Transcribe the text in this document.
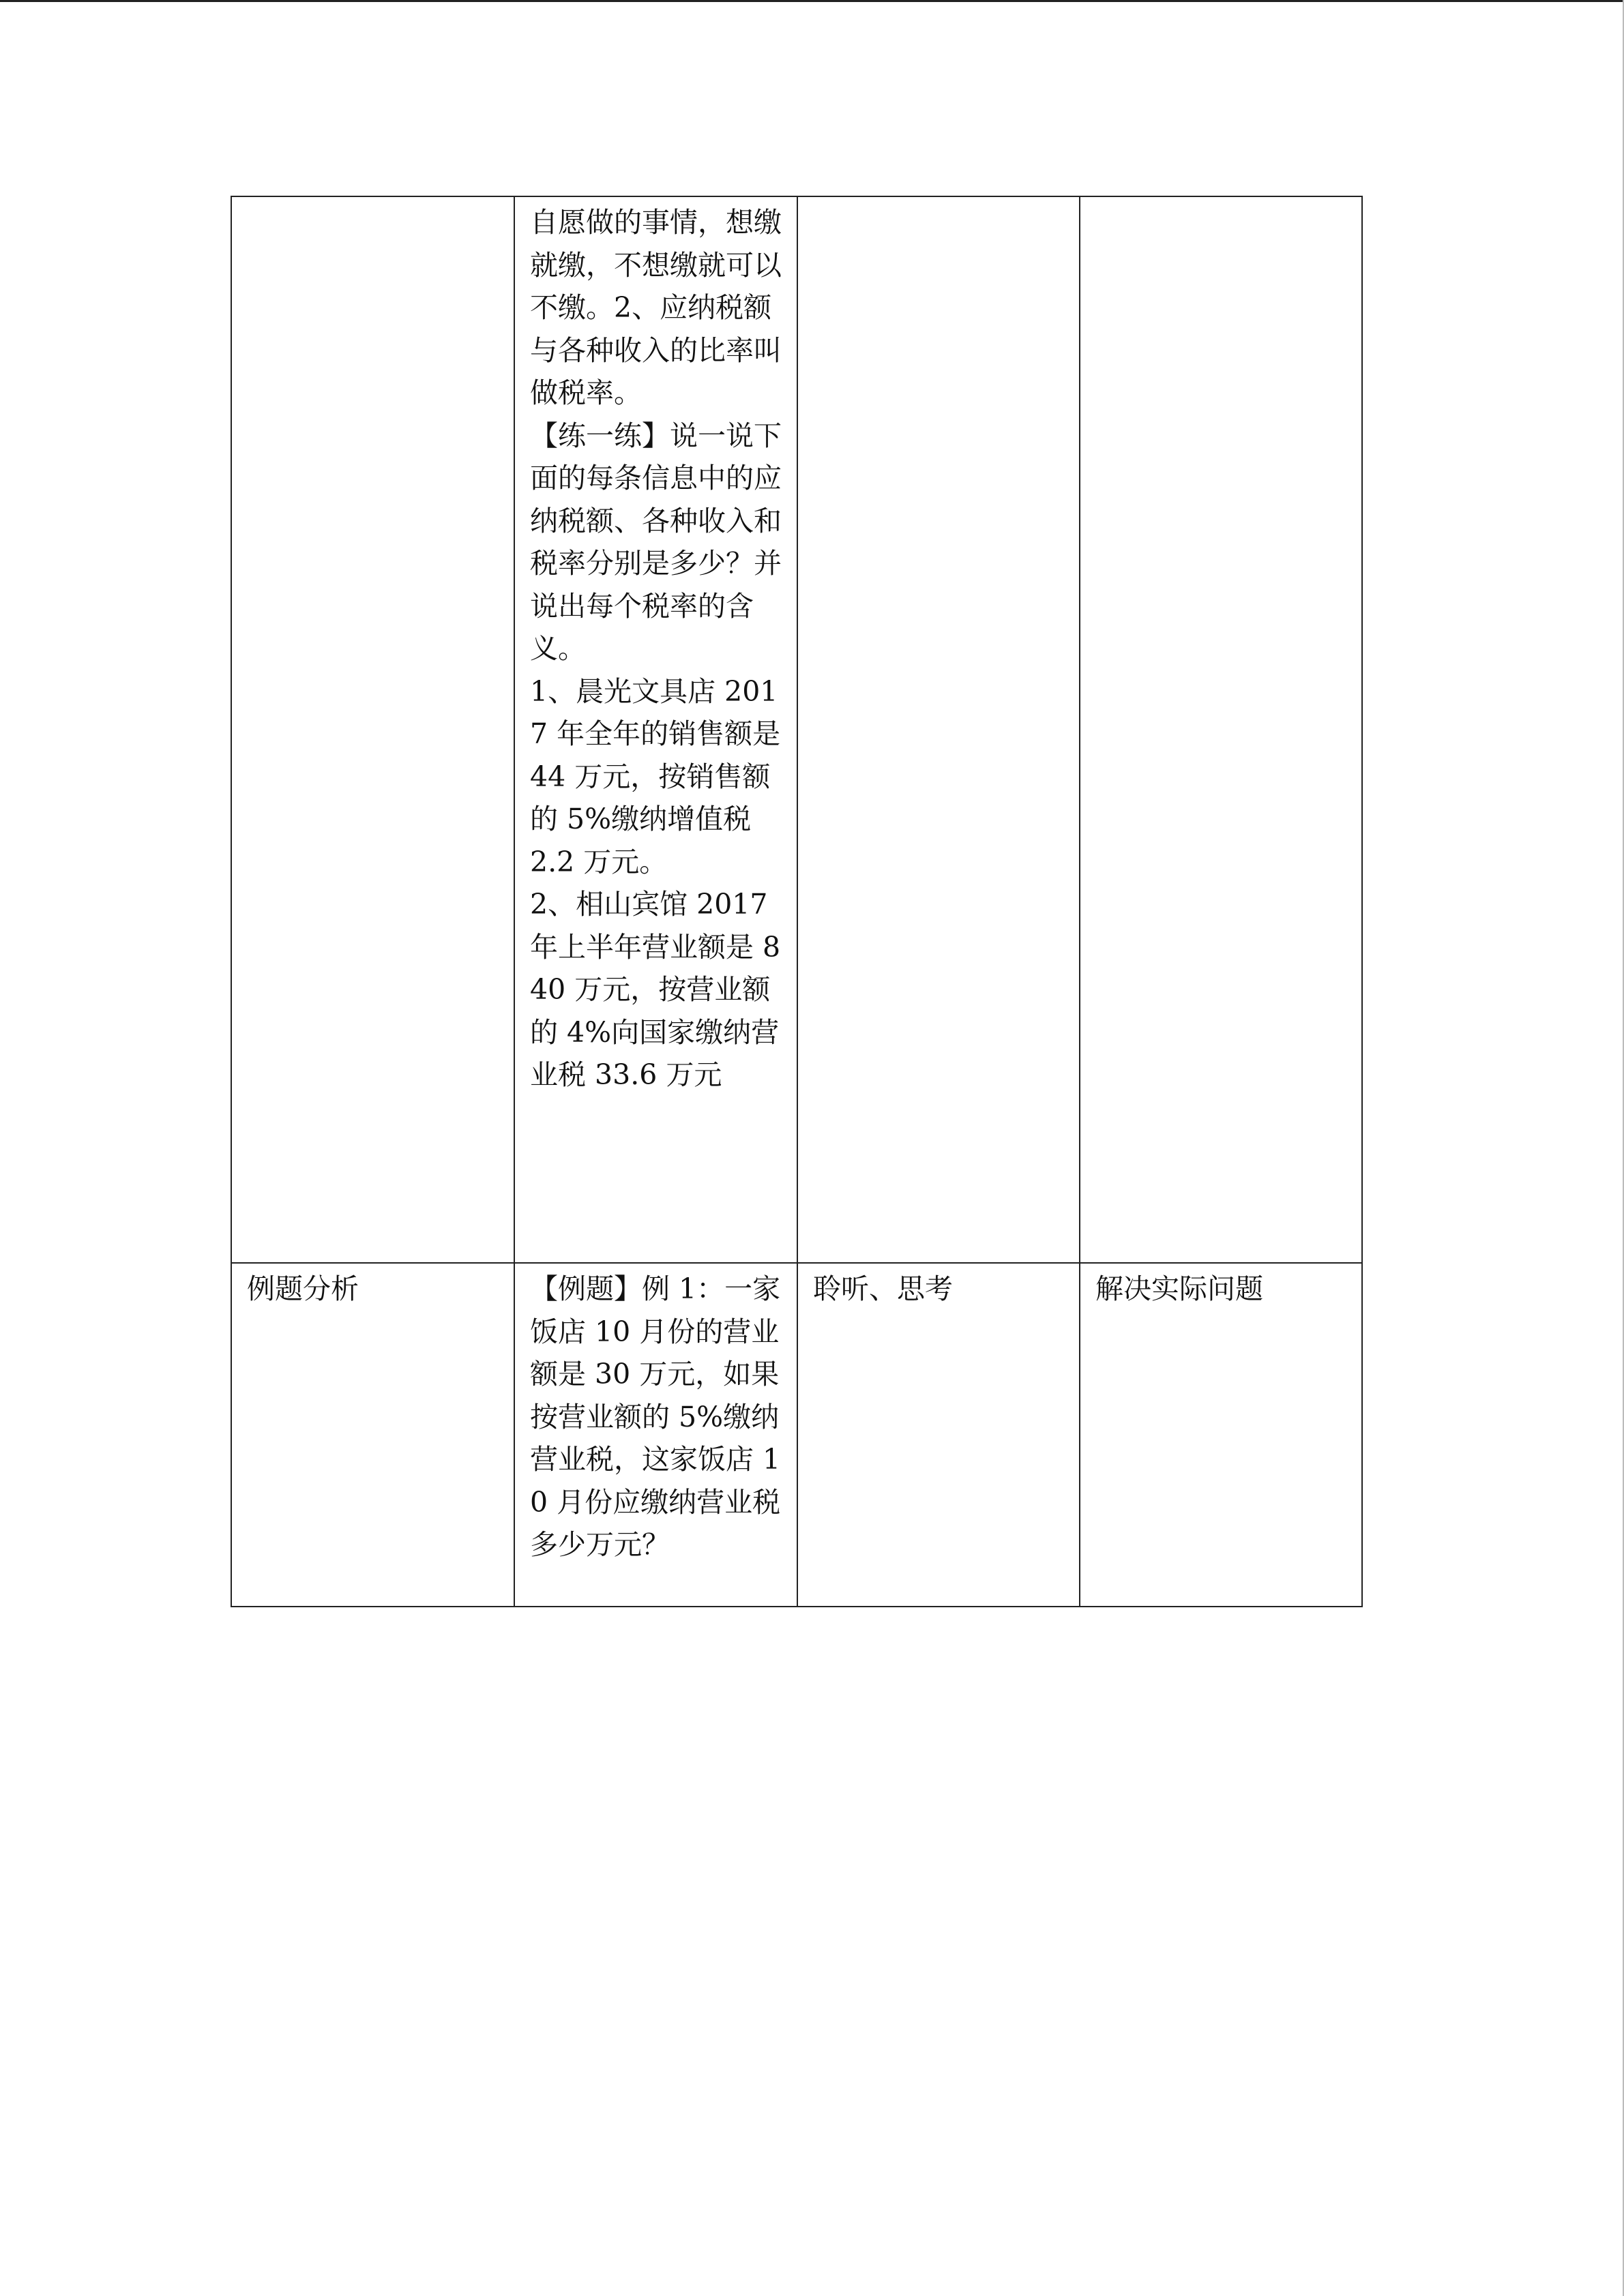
	自愿做的事情，想缴就缴，不想缴就可以不缴。2、应纳税额与各种收入的比率叫做税率。

【练一练】说一说下面的每条信息中的应纳税额、各种收入和税率分别是多少？并说出每个税率的含义。

1、晨光文具店 2017 年全年的销售额是 44 万元，按销售额的 5%缴纳增值税 2.2 万元。

2、相山宾馆 2017 年上半年营业额是 840 万元，按营业额的 4%向国家缴纳营业税 33.6 万元		

例题分析	【例题】例 1：一家饭店 10 月份的营业额是 30 万元，如果按营业额的 5%缴纳营业税，这家饭店 10 月份应缴纳营业税多少万元？	聆听、思考	解决实际问题
